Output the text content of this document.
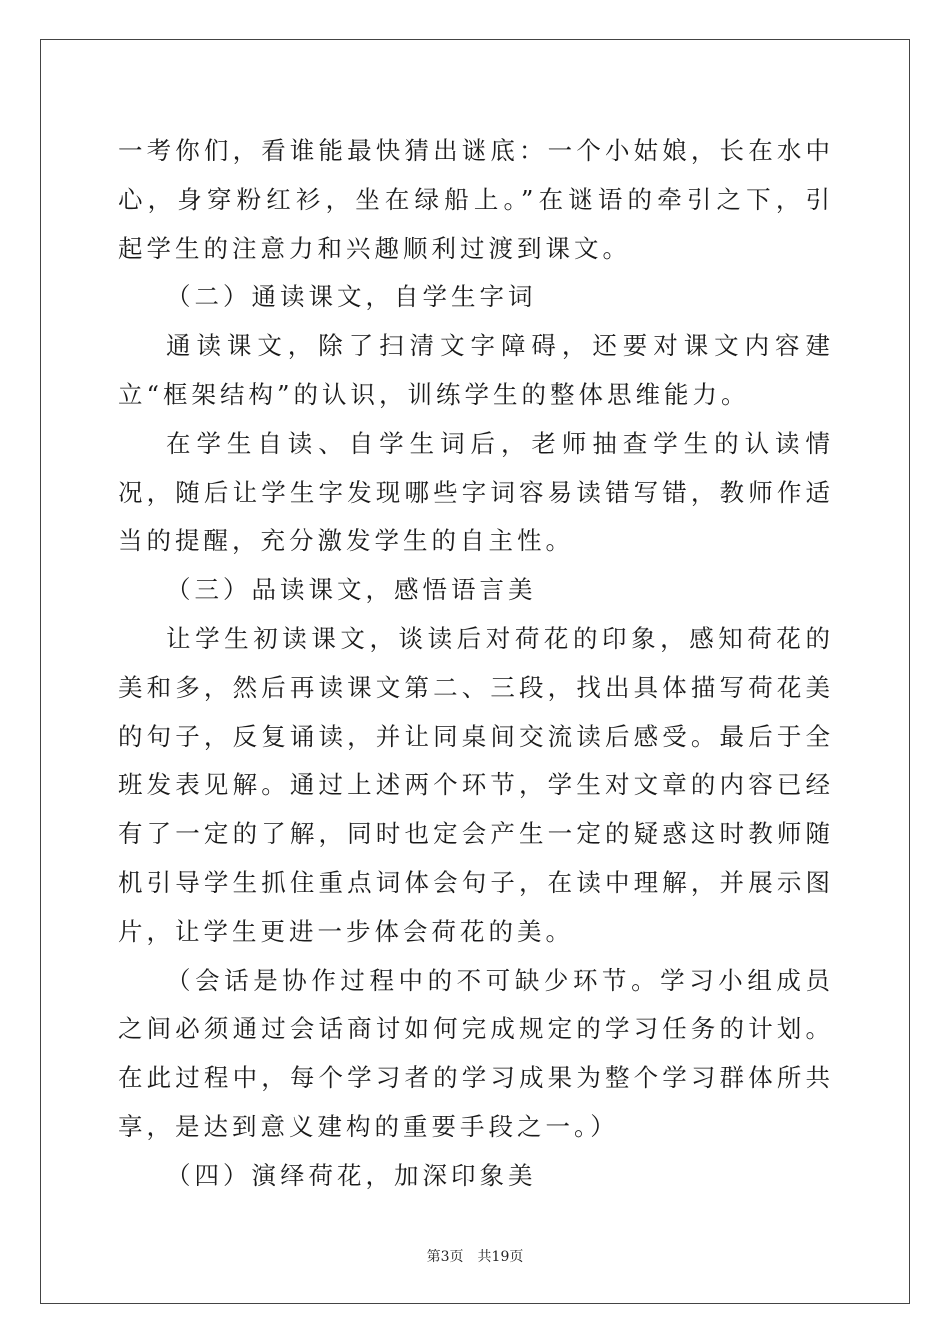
一考你们，看谁能最快猜出谜底：一个小姑娘，长在水中心，身穿粉红衫，坐在绿船上。”在谜语的牵引之下，引起学生的注意力和兴趣顺利过渡到课文。

（二）通读课文，自学生字词

通读课文，除了扫清文字障碍，还要对课文内容建立“框架结构”的认识，训练学生的整体思维能力。

在学生自读、自学生词后，老师抽查学生的认读情况，随后让学生字发现哪些字词容易读错写错，教师作适当的提醒，充分激发学生的自主性。

（三）品读课文，感悟语言美

让学生初读课文，谈读后对荷花的印象，感知荷花的美和多，然后再读课文第二、三段，找出具体描写荷花美的句子，反复诵读，并让同桌间交流读后感受。最后于全班发表见解。通过上述两个环节，学生对文章的内容已经有了一定的了解，同时也定会产生一定的疑惑这时教师随机引导学生抓住重点词体会句子，在读中理解，并展示图片，让学生更进一步体会荷花的美。

（会话是协作过程中的不可缺少环节。学习小组成员之间必须通过会话商讨如何完成规定的学习任务的计划。在此过程中，每个学习者的学习成果为整个学习群体所共享，是达到意义建构的重要手段之一。）

（四）演绎荷花，加深印象美

第3页　共19页
